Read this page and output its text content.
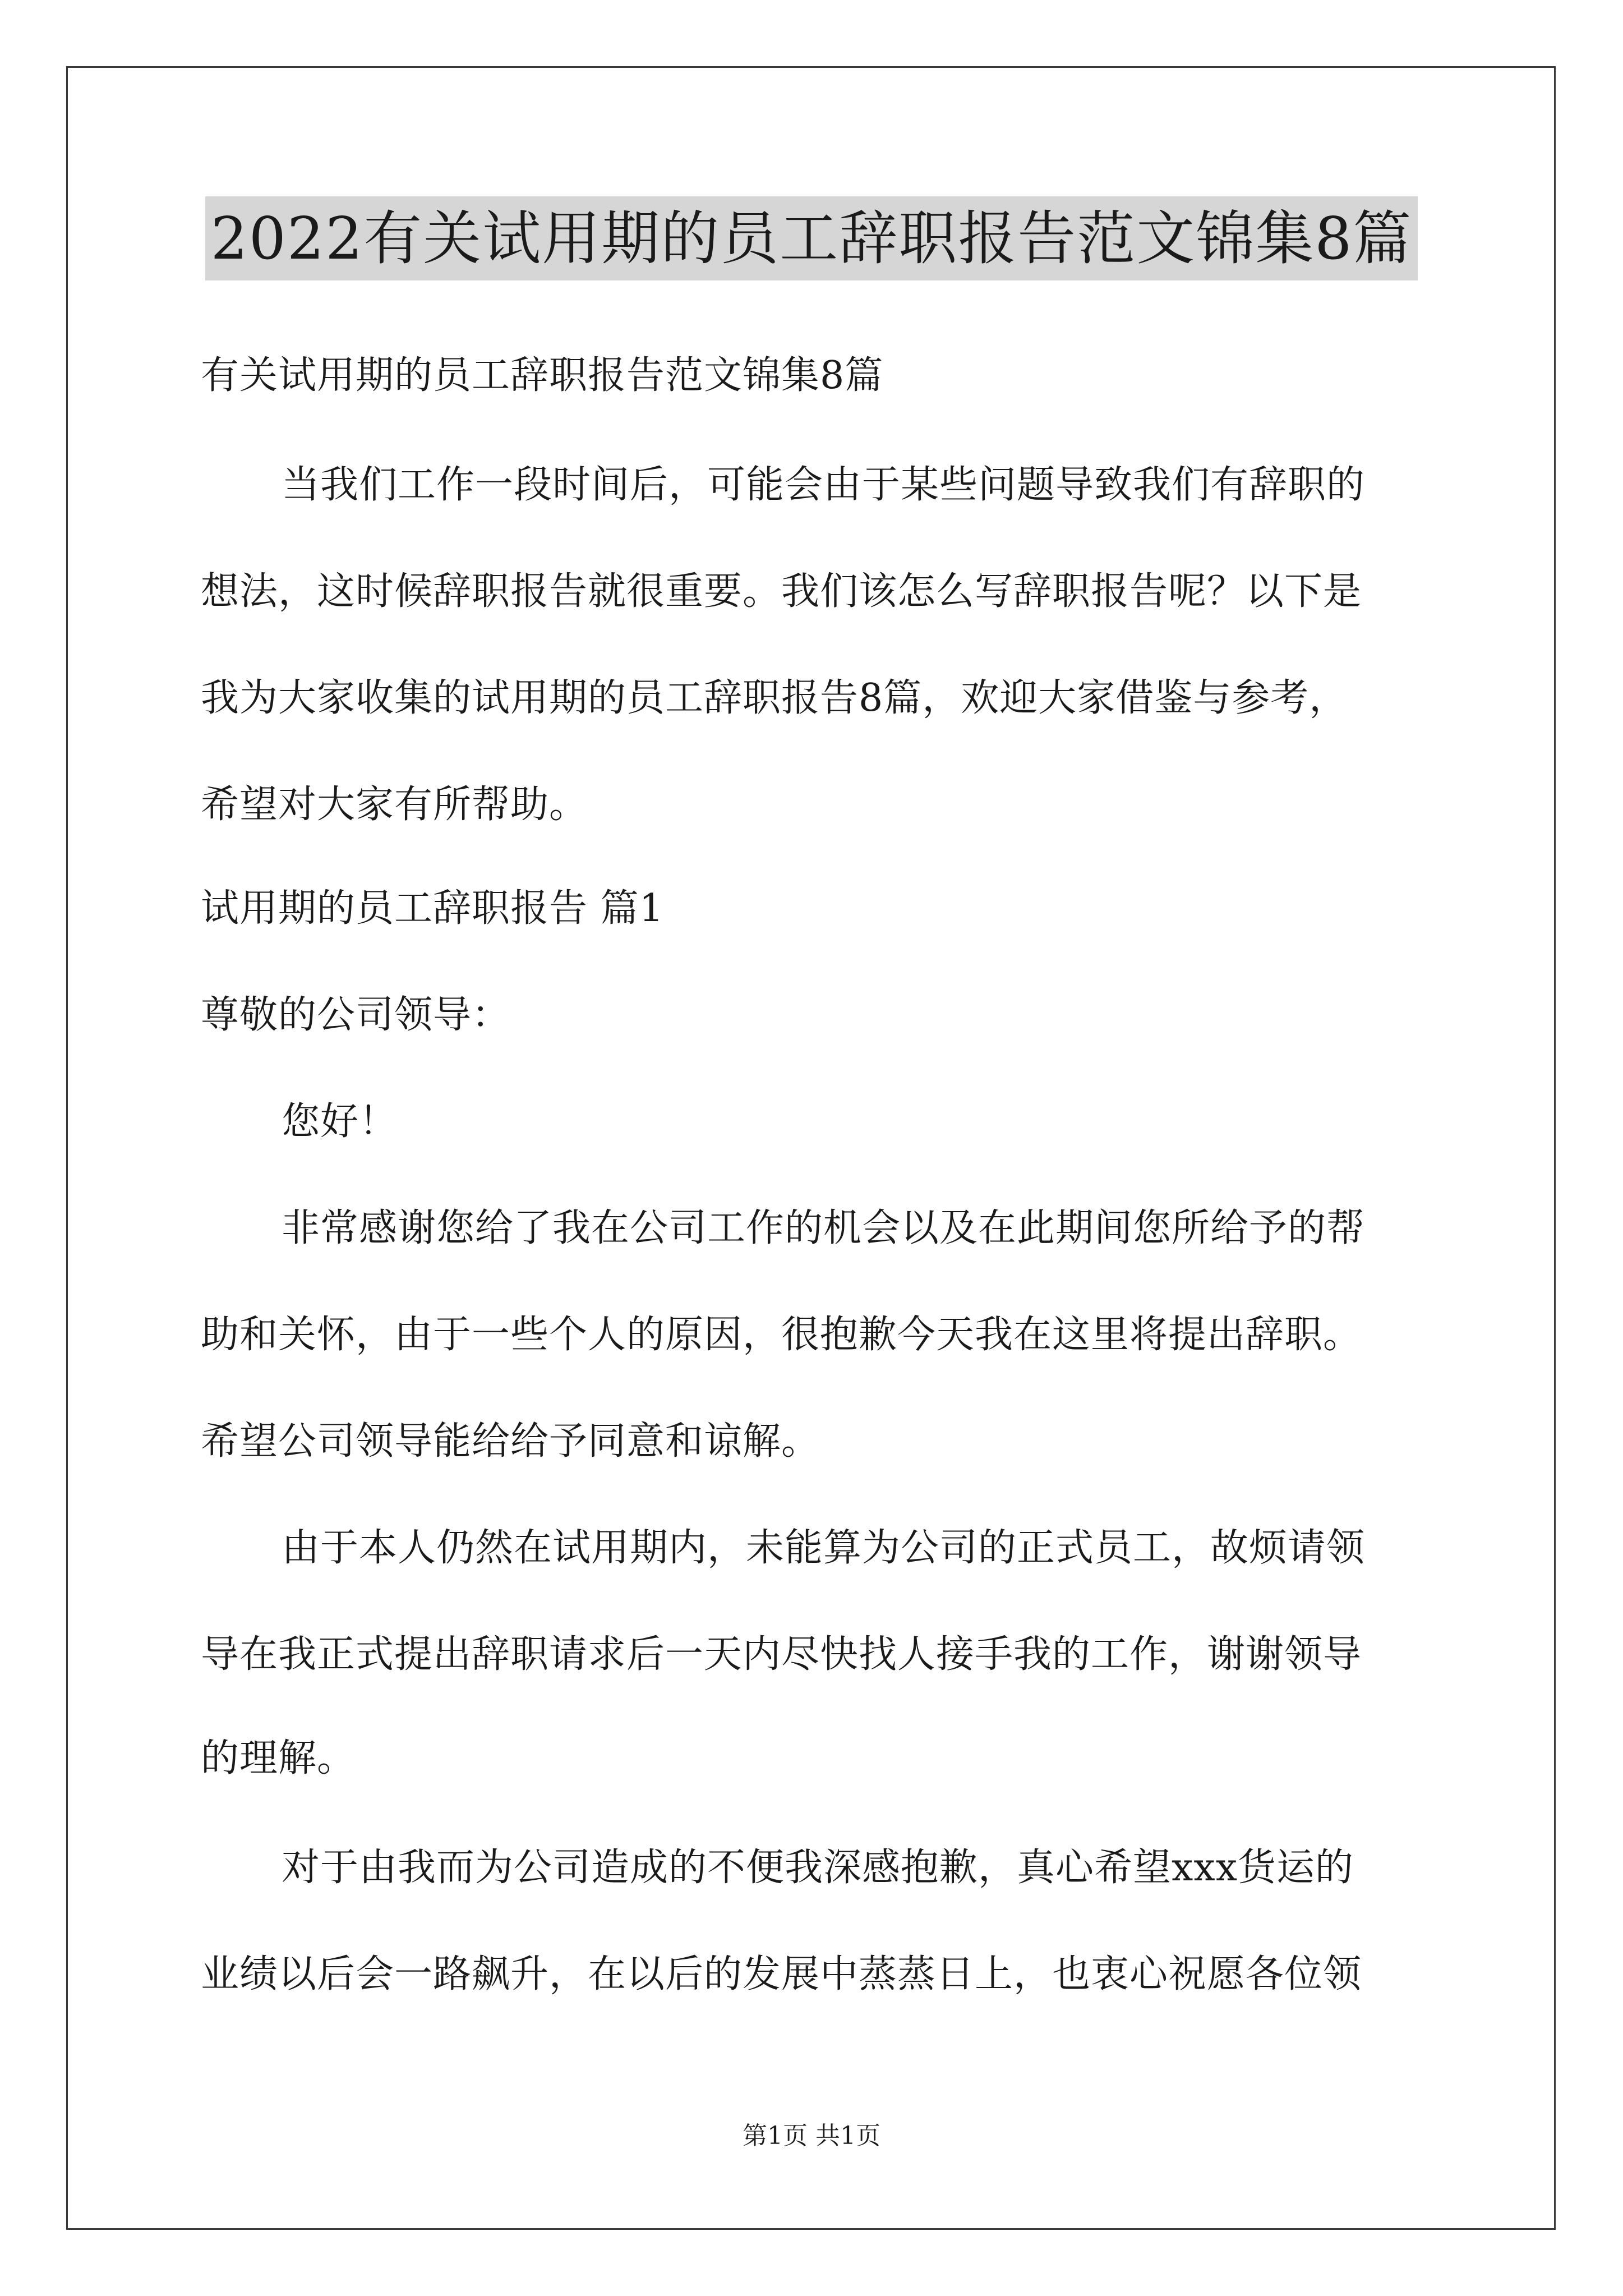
2022有关试用期的员工辞职报告范文锦集8篇
有关试用期的员工辞职报告范文锦集8篇
当我们工作一段时间后，可能会由于某些问题导致我们有辞职的
想法，这时候辞职报告就很重要。我们该怎么写辞职报告呢？以下是
我为大家收集的试用期的员工辞职报告8篇，欢迎大家借鉴与参考，
希望对大家有所帮助。
试用期的员工辞职报告 篇1
尊敬的公司领导：
您好！
非常感谢您给了我在公司工作的机会以及在此期间您所给予的帮
助和关怀，由于一些个人的原因，很抱歉今天我在这里将提出辞职。
希望公司领导能给给予同意和谅解。
由于本人仍然在试用期内，未能算为公司的正式员工，故烦请领
导在我正式提出辞职请求后一天内尽快找人接手我的工作，谢谢领导
的理解。
对于由我而为公司造成的不便我深感抱歉，真心希望xxx货运的
业绩以后会一路飙升，在以后的发展中蒸蒸日上，也衷心祝愿各位领
第1页 共1页
